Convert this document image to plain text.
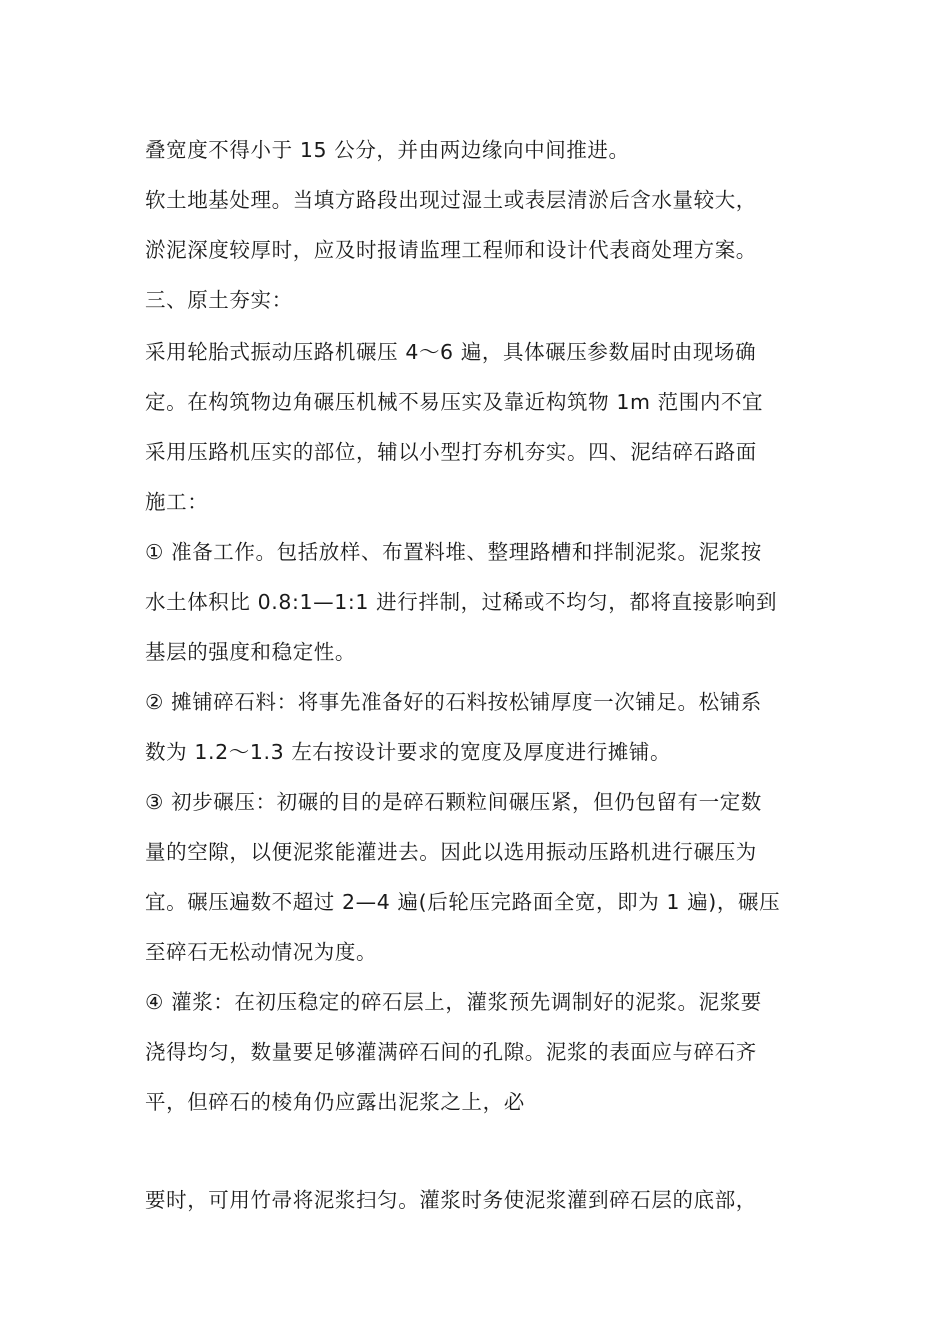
叠宽度不得小于 15 公分，并由两边缘向中间推进。
软土地基处理。当填方路段出现过湿土或表层清淤后含水量较大，
淤泥深度较厚时，应及时报请监理工程师和设计代表商处理方案。
三、原土夯实：
采用轮胎式振动压路机碾压 4～6 遍，具体碾压参数届时由现场确
定。在构筑物边角碾压机械不易压实及靠近构筑物 1m 范围内不宜
采用压路机压实的部位，辅以小型打夯机夯实。四、泥结碎石路面
施工：
① 准备工作。包括放样、布置料堆、整理路槽和拌制泥浆。泥浆按
水土体积比 0.8:1—1:1 进行拌制，过稀或不均匀，都将直接影响到
基层的强度和稳定性。
② 摊铺碎石料：将事先准备好的石料按松铺厚度一次铺足。松铺系
数为 1.2～1.3 左右按设计要求的宽度及厚度进行摊铺。
③ 初步碾压：初碾的目的是碎石颗粒间碾压紧，但仍包留有一定数
量的空隙，以便泥浆能灌进去。因此以选用振动压路机进行碾压为
宜。碾压遍数不超过 2—4 遍(后轮压完路面全宽，即为 1 遍)，碾压
至碎石无松动情况为度。
④ 灌浆：在初压稳定的碎石层上，灌浆预先调制好的泥浆。泥浆要
浇得均匀，数量要足够灌满碎石间的孔隙。泥浆的表面应与碎石齐
平，但碎石的棱角仍应露出泥浆之上，必
要时，可用竹帚将泥浆扫匀。灌浆时务使泥浆灌到碎石层的底部，
